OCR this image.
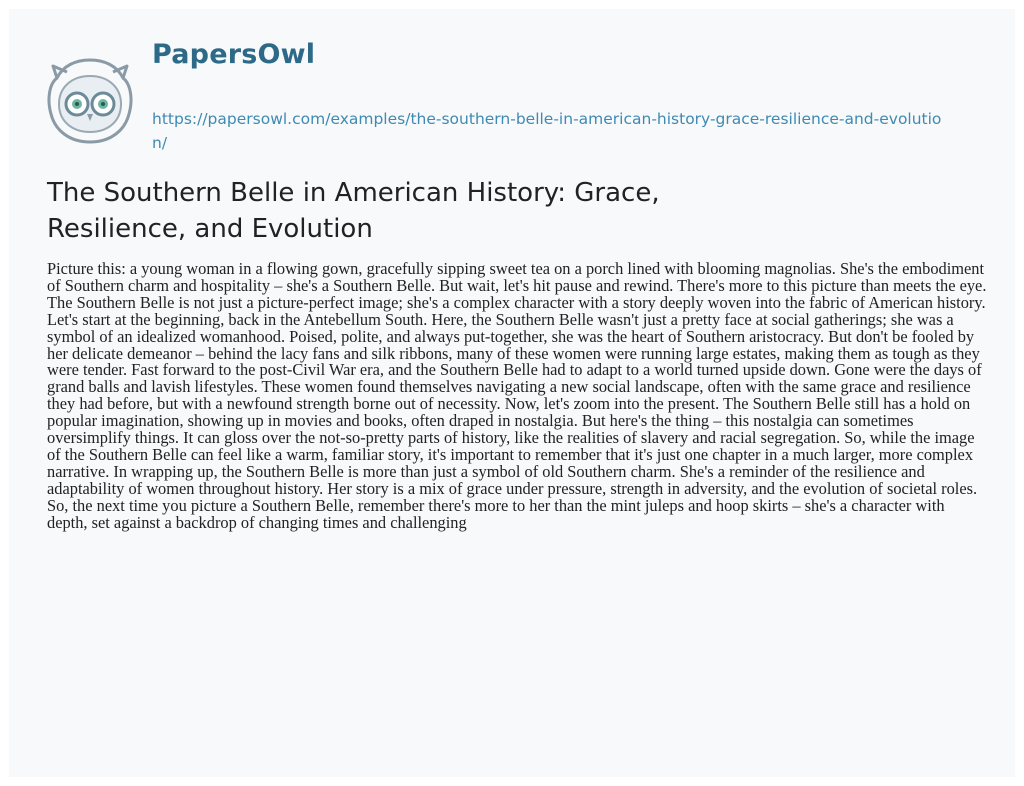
PapersOwl
https://papersowl.com/examples/the-southern-belle-in-american-history-grace-resilience-and-evolution/
The Southern Belle in American History: Grace, Resilience, and Evolution

Picture this: a young woman in a flowing gown, gracefully sipping sweet tea on a porch lined with blooming magnolias. She's the embodiment of Southern charm and hospitality – she's a Southern Belle. But wait, let's hit pause and rewind. There's more to this picture than meets the eye. The Southern Belle is not just a picture-perfect image; she's a complex character with a story deeply woven into the fabric of American history. Let's start at the beginning, back in the Antebellum South. Here, the Southern Belle wasn't just a pretty face at social gatherings; she was a symbol of an idealized womanhood. Poised, polite, and always put-together, she was the heart of Southern aristocracy. But don't be fooled by her delicate demeanor – behind the lacy fans and silk ribbons, many of these women were running large estates, making them as tough as they were tender. Fast forward to the post-Civil War era, and the Southern Belle had to adapt to a world turned upside down. Gone were the days of grand balls and lavish lifestyles. These women found themselves navigating a new social landscape, often with the same grace and resilience they had before, but with a newfound strength borne out of necessity. Now, let's zoom into the present. The Southern Belle still has a hold on popular imagination, showing up in movies and books, often draped in nostalgia. But here's the thing – this nostalgia can sometimes oversimplify things. It can gloss over the not-so-pretty parts of history, like the realities of slavery and racial segregation. So, while the image of the Southern Belle can feel like a warm, familiar story, it's important to remember that it's just one chapter in a much larger, more complex narrative. In wrapping up, the Southern Belle is more than just a symbol of old Southern charm. She's a reminder of the resilience and adaptability of women throughout history. Her story is a mix of grace under pressure, strength in adversity, and the evolution of societal roles. So, the next time you picture a Southern Belle, remember there's more to her than the mint juleps and hoop skirts – she's a character with depth, set against a backdrop of changing times and challenging
